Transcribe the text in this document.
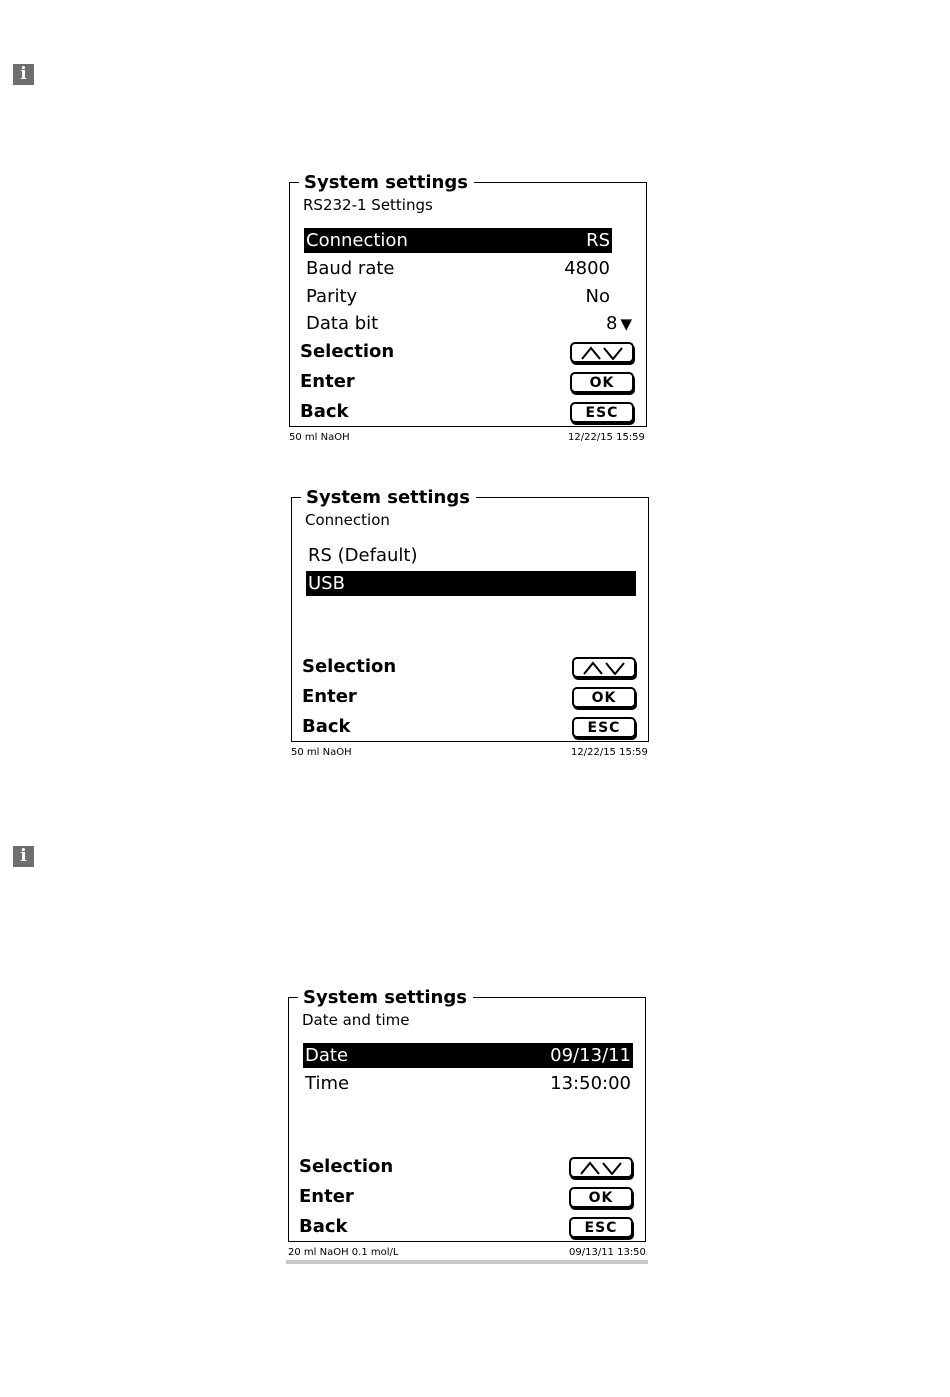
i
System settings
RS232-1 Settings
Connection	RS
Baud rate	4800
Parity	No
Data bit	8 ▼
Selection
Enter	OK
Back	ESC
50 ml NaOH	12/22/15 15:59
System settings
Connection
RS (Default)
USB
Selection
Enter	OK
Back	ESC
50 ml NaOH	12/22/15 15:59
i
System settings
Date and time
Date	09/13/11
Time	13:50:00
Selection
Enter	OK
Back	ESC
20 ml NaOH 0.1 mol/L	09/13/11 13:50
